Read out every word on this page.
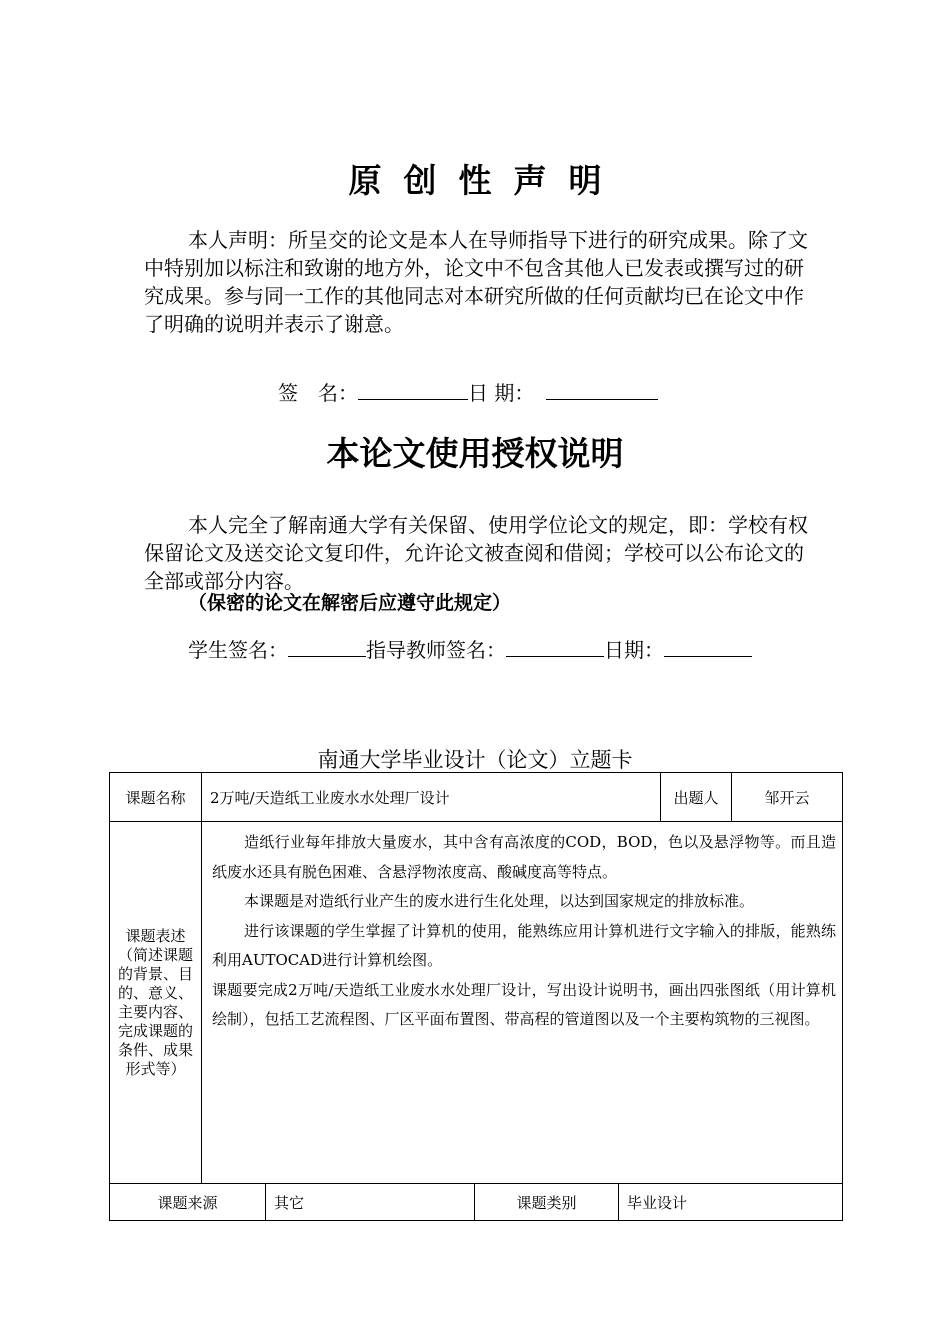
原创性声明
本人声明：所呈交的论文是本人在导师指导下进行的研究成果。除了文中特别加以标注和致谢的地方外，论文中不包含其他人已发表或撰写过的研究成果。参与同一工作的其他同志对本研究所做的任何贡献均已在论文中作了明确的说明并表示了谢意。
签　名：	日 期：
本论文使用授权说明
本人完全了解南通大学有关保留、使用学位论文的规定，即：学校有权保留论文及送交论文复印件，允许论文被查阅和借阅；学校可以公布论文的全部或部分内容。
（保密的论文在解密后应遵守此规定）
学生签名：	指导教师签名：	日期：
南通大学毕业设计（论文）立题卡
课题名称	2万吨/天造纸工业废水水处理厂设计				出题人	邹开云
课题表述（简述课题的背景、目的、意义、主要内容、完成课题的条件、成果形式等）	造纸行业每年排放大量废水，其中含有高浓度的COD，BOD，色以及悬浮物等。而且造纸废水还具有脱色困难、含悬浮物浓度高、酸碱度高等特点。

本课题是对造纸行业产生的废水进行生化处理，以达到国家规定的排放标准。

进行该课题的学生掌握了计算机的使用，能熟练应用计算机进行文字输入的排版，能熟练利用AUTOCAD进行计算机绘图。

课题要完成2万吨/天造纸工业废水水处理厂设计，写出设计说明书，画出四张图纸（用计算机绘制），包括工艺流程图、厂区平面布置图、带高程的管道图以及一个主要构筑物的三视图。					

课题来源		其它	课题类别	毕业设计		
